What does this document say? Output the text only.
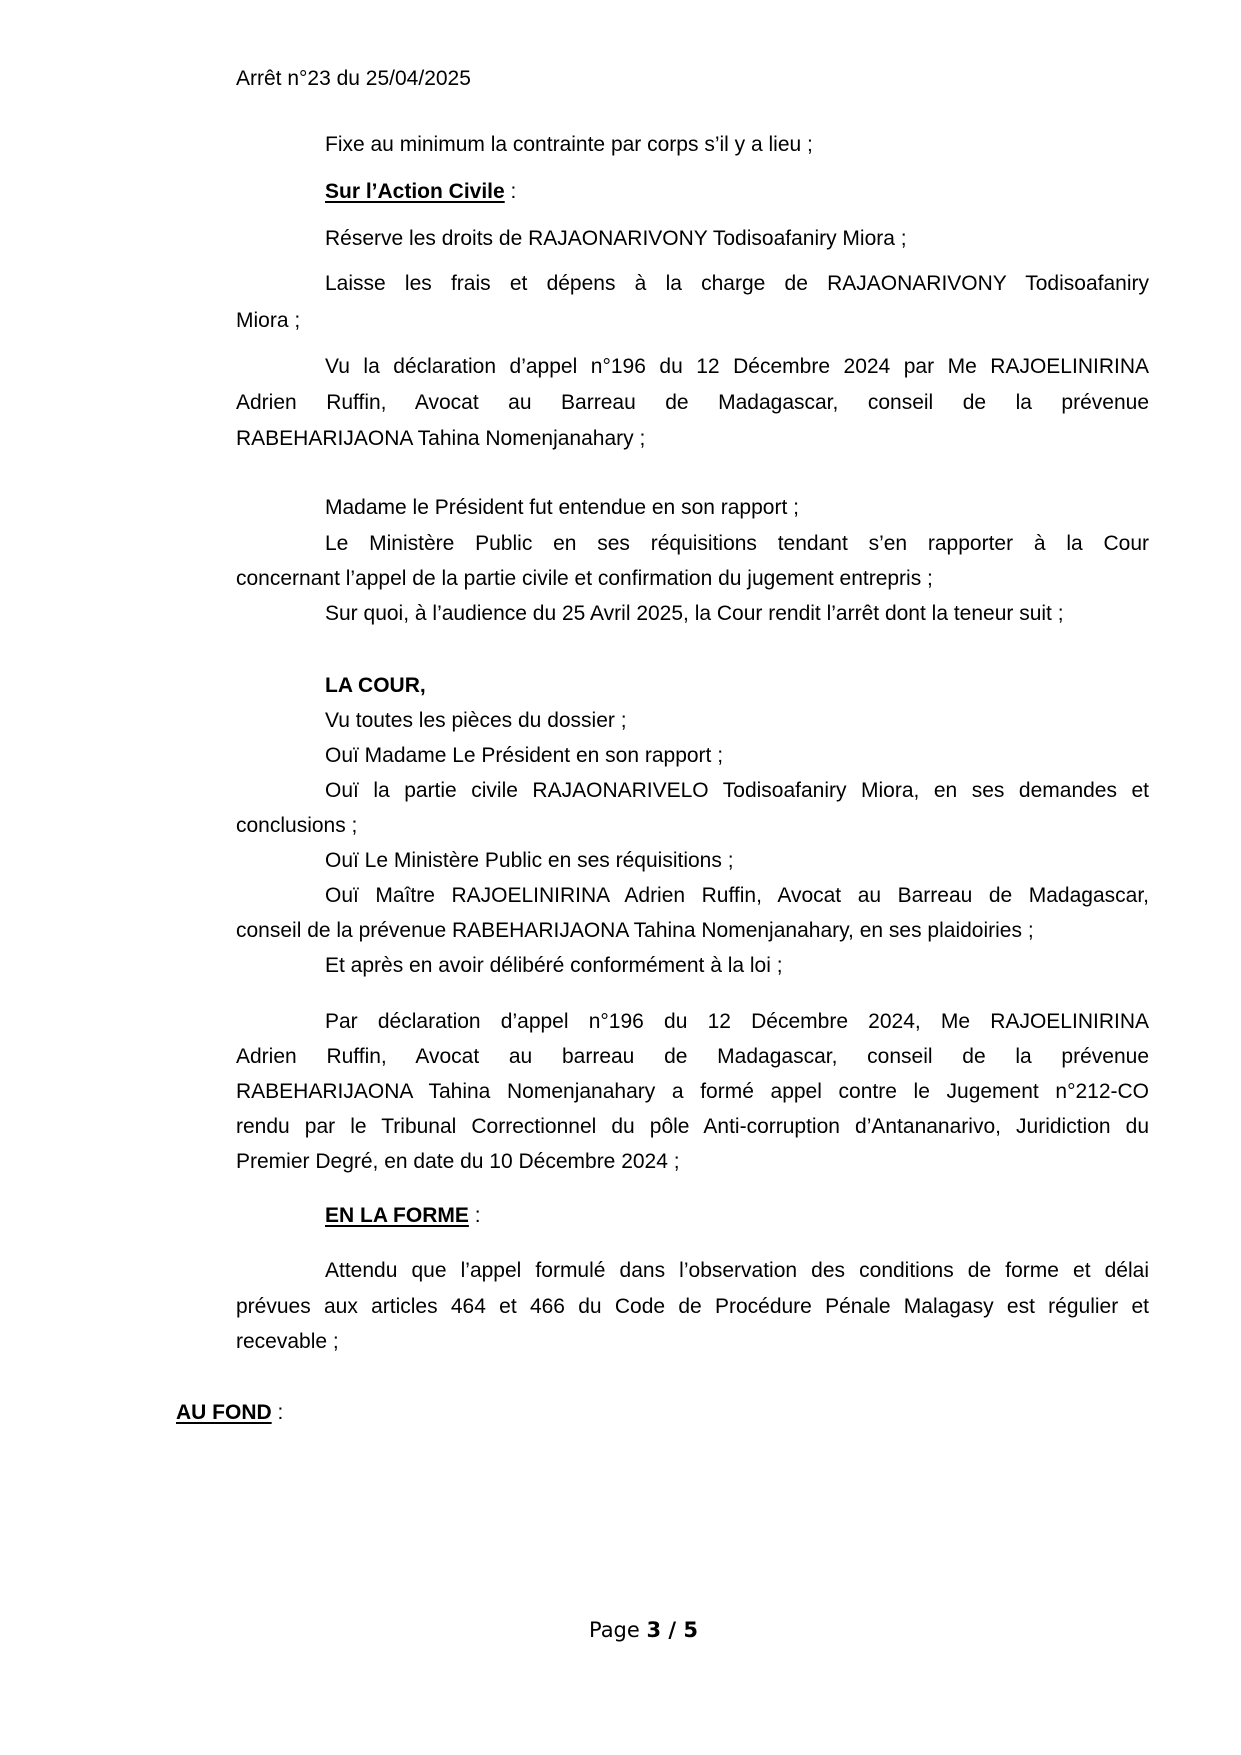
Arrêt n°23 du 25/04/2025
Fixe au minimum la contrainte par corps s’il y a lieu ;
Sur l’Action Civile :
Réserve les droits de RAJAONARIVONY Todisoafaniry Miora ;
Laisse les frais et dépens à la charge de RAJAONARIVONY Todisoafaniry
Miora ;
Vu la déclaration d’appel n°196 du 12 Décembre 2024 par Me RAJOELINIRINA
Adrien Ruffin, Avocat au Barreau de Madagascar, conseil de la prévenue
RABEHARIJAONA Tahina Nomenjanahary ;
Madame le Président fut entendue en son rapport ;
Le Ministère Public en ses réquisitions tendant s’en rapporter à la Cour
concernant l’appel de la partie civile et confirmation du jugement entrepris ;
Sur quoi, à l’audience du 25 Avril 2025, la Cour rendit l’arrêt dont la teneur suit ;
LA COUR,
Vu toutes les pièces du dossier ;
Ouï Madame Le Président en son rapport ;
Ouï la partie civile RAJAONARIVELO Todisoafaniry Miora, en ses demandes et
conclusions ;
Ouï Le Ministère Public en ses réquisitions ;
Ouï Maître RAJOELINIRINA Adrien Ruffin, Avocat au Barreau de Madagascar,
conseil de la prévenue RABEHARIJAONA Tahina Nomenjanahary, en ses plaidoiries ;
Et après en avoir délibéré conformément à la loi ;
Par déclaration d’appel n°196 du 12 Décembre 2024, Me RAJOELINIRINA
Adrien Ruffin, Avocat au barreau de Madagascar, conseil de la prévenue
RABEHARIJAONA Tahina Nomenjanahary a formé appel contre le Jugement n°212-CO
rendu par le Tribunal Correctionnel du pôle Anti-corruption d’Antananarivo, Juridiction du
Premier Degré, en date du 10 Décembre 2024 ;
EN LA FORME :
Attendu que l’appel formulé dans l’observation des conditions de forme et délai
prévues aux articles 464 et 466 du Code de Procédure Pénale Malagasy est régulier et
recevable ;
AU FOND :
Page 3 / 5
